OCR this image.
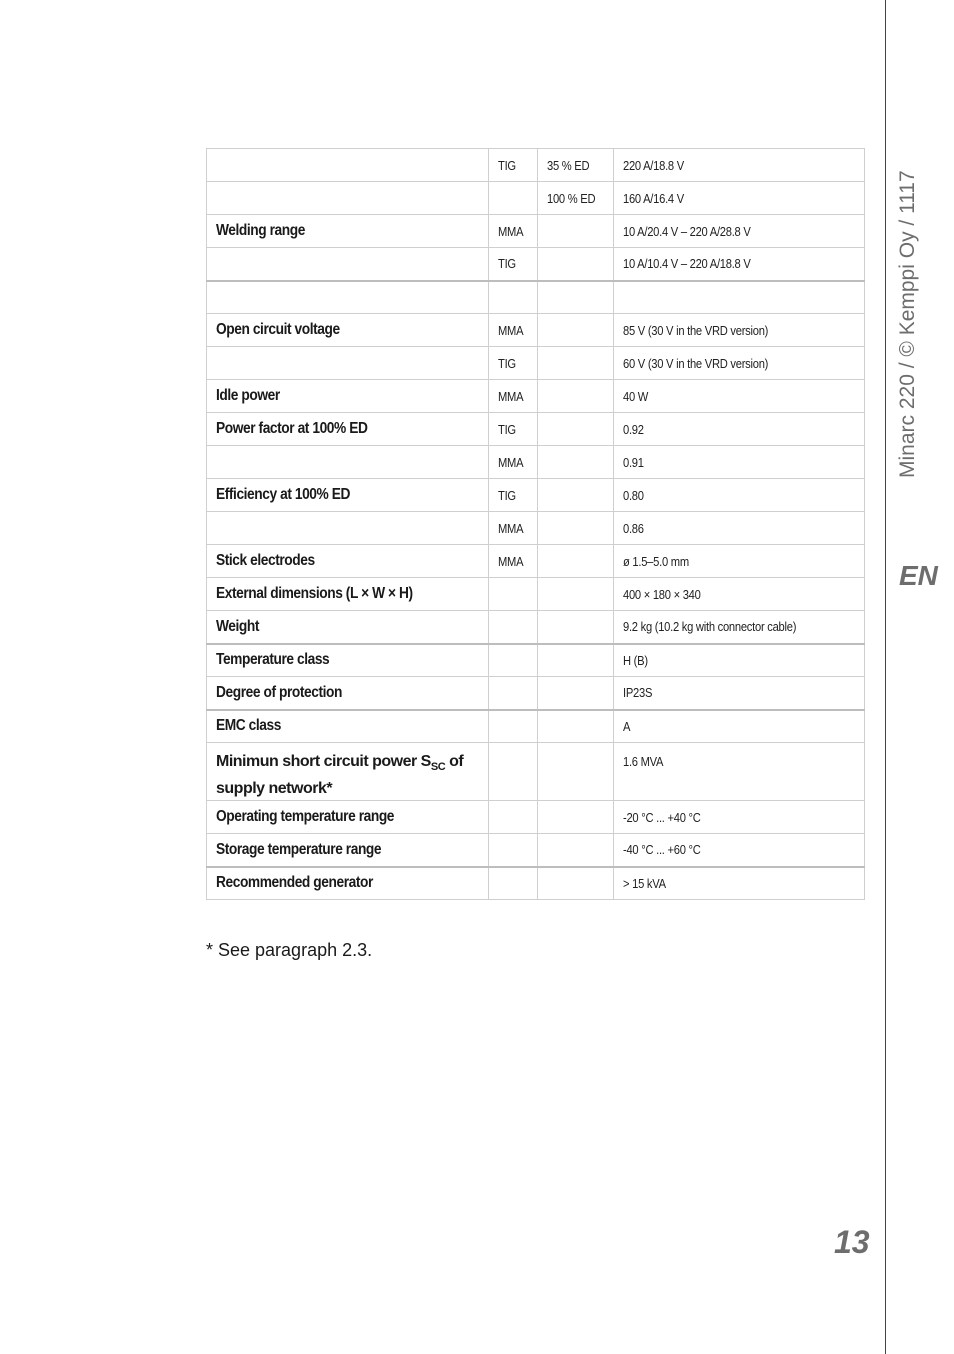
	TIG	35 % ED	220 A/18.8 V
		100 % ED	160 A/16.4 V
Welding range	MMA		10 A/20.4 V – 220 A/28.8 V
	TIG		10 A/10.4 V – 220 A/18.8 V

Open circuit voltage	MMA		85 V (30 V in the VRD version)
	TIG		60 V (30 V in the VRD version)
Idle power	MMA		40 W
Power factor at 100% ED	TIG		0.92
	MMA		0.91
Efficiency at 100% ED	TIG		0.80
	MMA		0.86
Stick electrodes	MMA		ø 1.5–5.0 mm
External dimensions (L × W × H)			400 × 180 × 340
Weight			9.2 kg (10.2 kg with connector cable)
Temperature class			H (B)
Degree of protection			IP23S
EMC class			A
Minimun short circuit power $S_{SC}$ of supply network*			1.6 MVA
Operating temperature range			-20 °C ... +40 °C
Storage temperature range			-40 °C ... +60 °C
Recommended generator			> 15 kVA
* See paragraph 2.3.
Minarc 220 / © Kemppi Oy / 1117
EN
13
